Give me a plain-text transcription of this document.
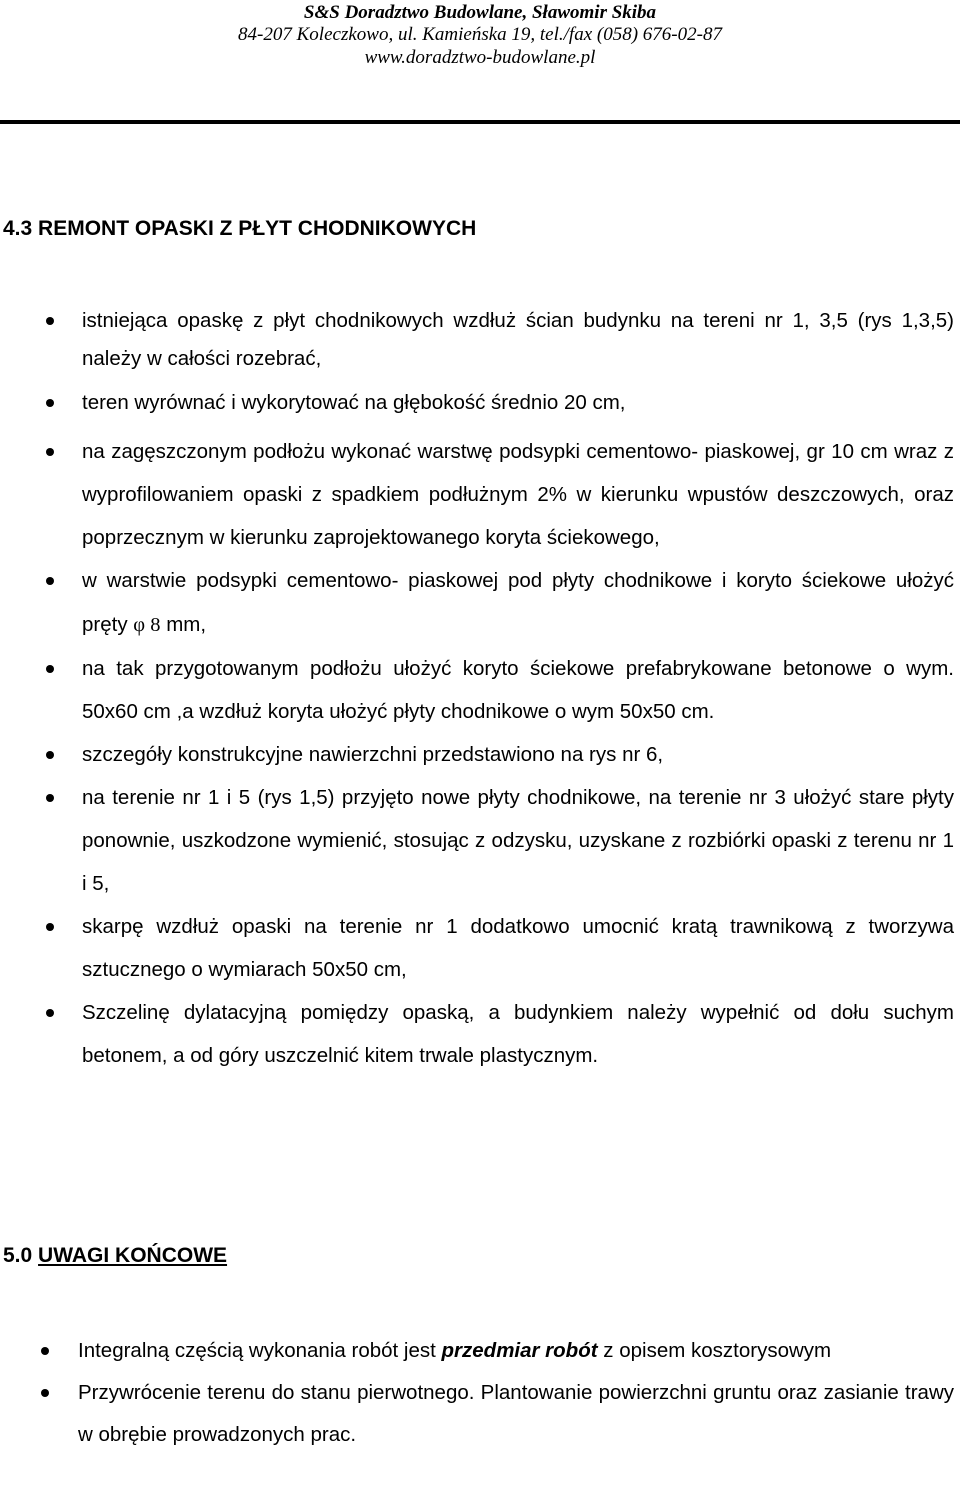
S&S Doradztwo Budowlane, Sławomir Skiba
84-207 Koleczkowo, ul. Kamieńska 19, tel./fax (058) 676-02-87
www.doradztwo-budowlane.pl
4.3 REMONT OPASKI Z PŁYT CHODNIKOWYCH
istniejąca opaskę z płyt chodnikowych wzdłuż ścian budynku na tereni nr 1, 3,5 (rys 1,3,5) należy w całości rozebrać,
teren wyrównać i wykorytować na głębokość średnio 20 cm,
na zagęszczonym podłożu wykonać warstwę podsypki cementowo- piaskowej, gr 10 cm wraz z wyprofilowaniem opaski z spadkiem podłużnym 2% w kierunku wpustów deszczowych, oraz poprzecznym w kierunku zaprojektowanego koryta ściekowego,
w warstwie podsypki cementowo- piaskowej pod płyty chodnikowe i koryto ściekowe ułożyć pręty φ 8 mm,
na tak przygotowanym podłożu ułożyć koryto ściekowe prefabrykowane betonowe o wym. 50x60 cm ,a wzdłuż koryta ułożyć płyty chodnikowe o wym 50x50 cm.
szczegóły konstrukcyjne nawierzchni przedstawiono na rys nr 6,
na terenie nr 1 i 5 (rys 1,5) przyjęto nowe płyty chodnikowe, na terenie nr 3 ułożyć stare płyty ponownie, uszkodzone wymienić, stosując z odzysku, uzyskane z rozbiórki opaski z terenu nr 1 i 5,
skarpę wzdłuż opaski na terenie nr 1 dodatkowo umocnić kratą trawnikową z tworzywa sztucznego o wymiarach 50x50 cm,
Szczelinę dylatacyjną pomiędzy opaską, a budynkiem należy wypełnić od dołu suchym betonem, a od góry uszczelnić kitem trwale plastycznym.
5.0 UWAGI KOŃCOWE
Integralną częścią wykonania robót jest przedmiar robót z opisem kosztorysowym
Przywrócenie terenu do stanu pierwotnego. Plantowanie powierzchni gruntu oraz zasianie trawy w obrębie prowadzonych prac.
